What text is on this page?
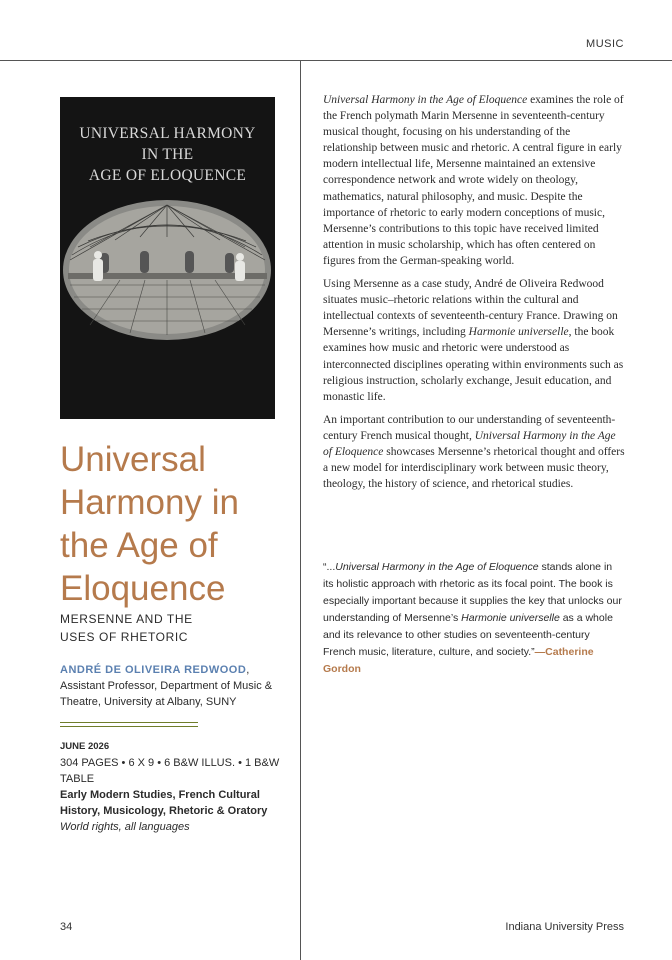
MUSIC
UNIVERSAL HARMONY
IN THE
AGE OF ELOQUENCE
Universal
Harmony in
the Age of
Eloquence
MERSENNE AND THE
USES OF RHETORIC
ANDRÉ DE OLIVEIRA REDWOOD,
Assistant Professor, Department of Music & Theatre, University at Albany, SUNY
JUNE 2026
304 PAGES • 6 X 9 • 6 B&W ILLUS. • 1 B&W TABLE
Early Modern Studies, French Cultural History, Musicology, Rhetoric & Oratory
World rights, all languages

Universal Harmony in the Age of Eloquence examines the role of the French polymath Marin Mersenne in seventeenth-century musical thought, focusing on his understanding of the relationship between music and rhetoric. A central figure in early modern intellectual life, Mersenne maintained an extensive correspondence network and wrote widely on theology, mathematics, natural philosophy, and music. Despite the importance of rhetoric to early modern conceptions of music, Mersenne’s contributions to this topic have received limited attention in music scholarship, which has often centered on figures from the German-speaking world.

Using Mersenne as a case study, André de Oliveira Redwood situates music–rhetoric relations within the cultural and intellectual contexts of seventeenth-century France. Drawing on Mersenne’s writings, including Harmonie universelle, the book examines how music and rhetoric were understood as interconnected disciplines operating within environments such as religious instruction, scholarly exchange, Jesuit education, and monastic life.

An important contribution to our understanding of seventeenth-century French musical thought, Universal Harmony in the Age of Eloquence showcases Mersenne’s rhetorical thought and offers a new model for interdisciplinary work between music theory, theology, the history of science, and rhetorical studies.

“...Universal Harmony in the Age of Eloquence stands alone in its holistic approach with rhetoric as its focal point. The book is especially important because it supplies the key that unlocks our understanding of Mersenne’s Harmonie universelle as a whole and its relevance to other studies on seventeenth-century French music, literature, culture, and society.”—Catherine Gordon
34	Indiana University Press
